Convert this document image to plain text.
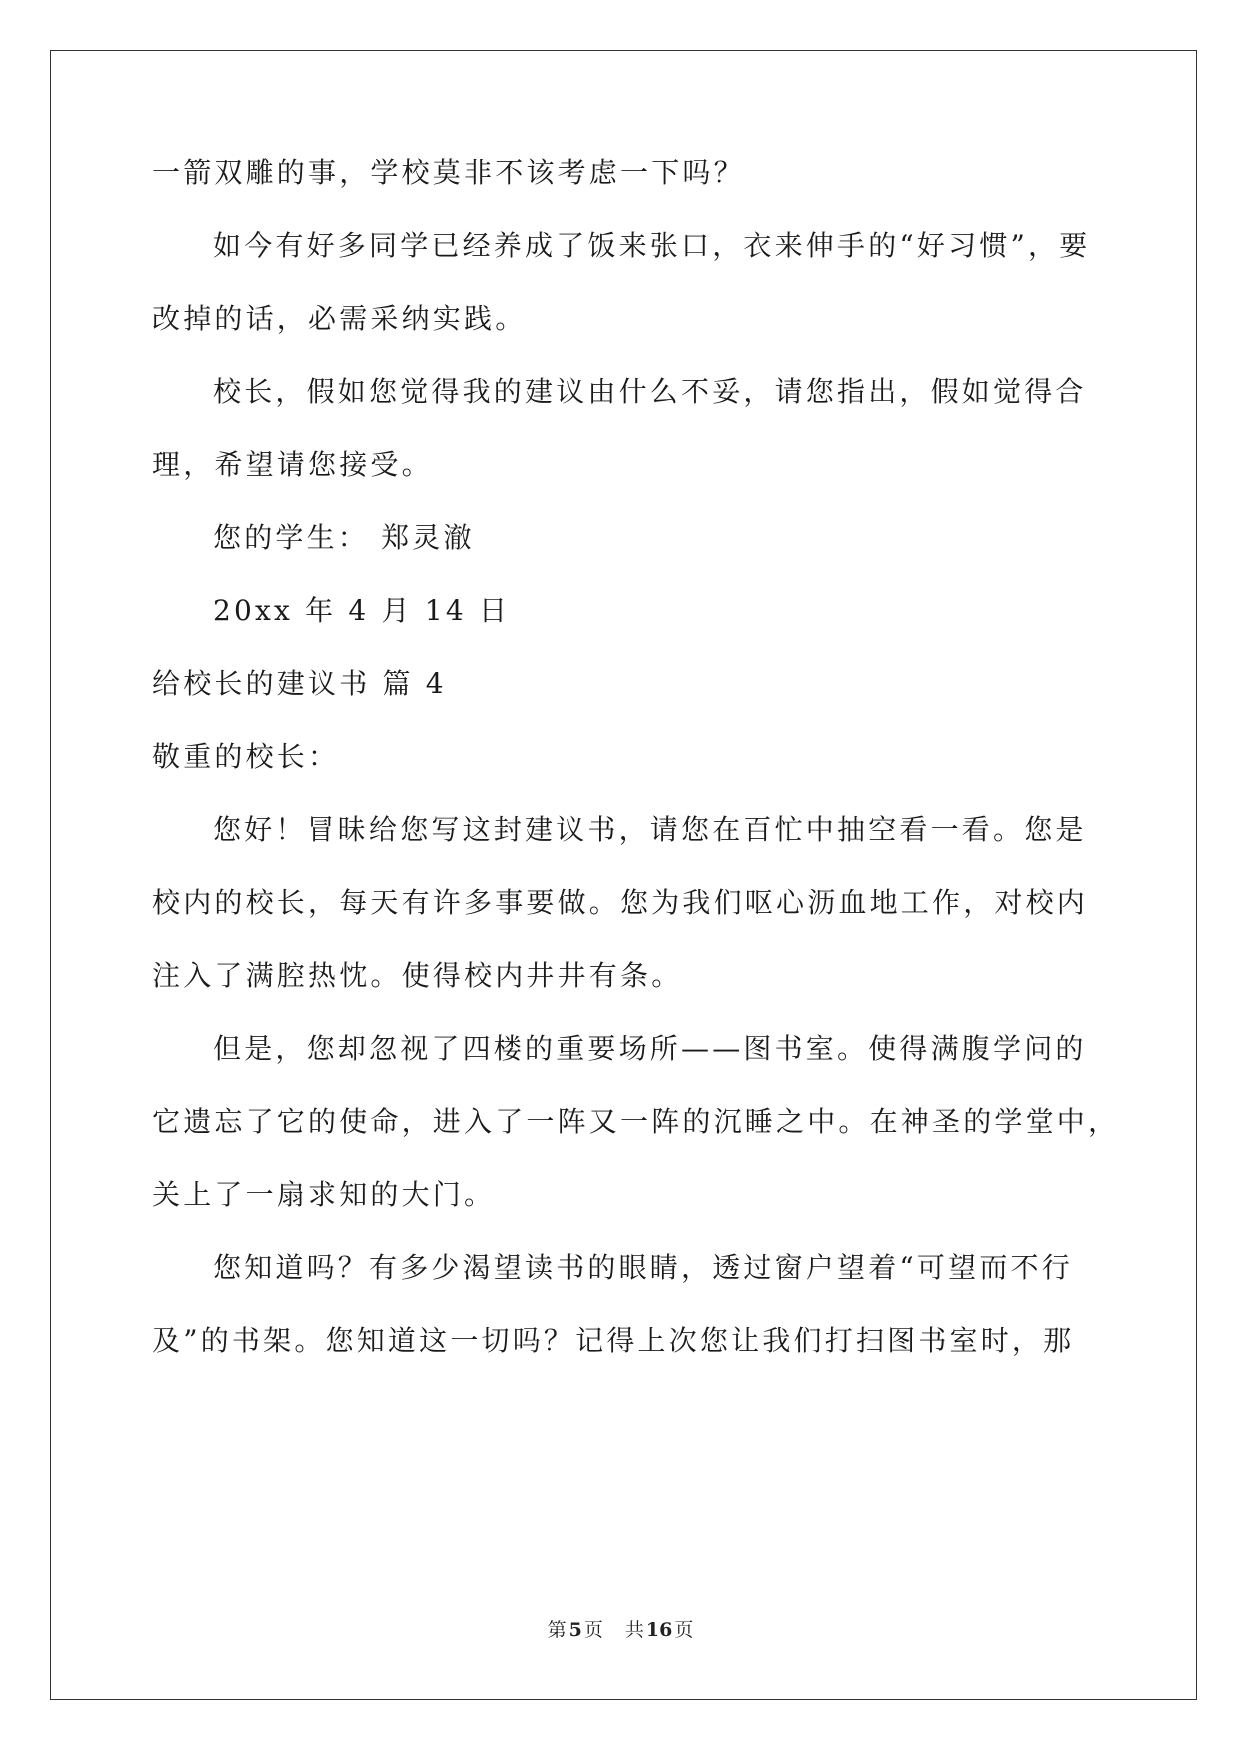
一箭双雕的事，学校莫非不该考虑一下吗？
如今有好多同学已经养成了饭来张口，衣来伸手的“好习惯”，要
改掉的话，必需采纳实践。
校长，假如您觉得我的建议由什么不妥，请您指出，假如觉得合
理，希望请您接受。
您的学生： 郑灵澈
20xx 年 4 月 14 日
给校长的建议书 篇 4
敬重的校长：
您好！冒昧给您写这封建议书，请您在百忙中抽空看一看。您是
校内的校长，每天有许多事要做。您为我们呕心沥血地工作，对校内
注入了满腔热忱。使得校内井井有条。
但是，您却忽视了四楼的重要场所——图书室。使得满腹学问的
它遗忘了它的使命，进入了一阵又一阵的沉睡之中。在神圣的学堂中，
关上了一扇求知的大门。
您知道吗？有多少渴望读书的眼睛，透过窗户望着“可望而不行
及”的书架。您知道这一切吗？记得上次您让我们打扫图书室时，那
第 5 页 共 16 页
